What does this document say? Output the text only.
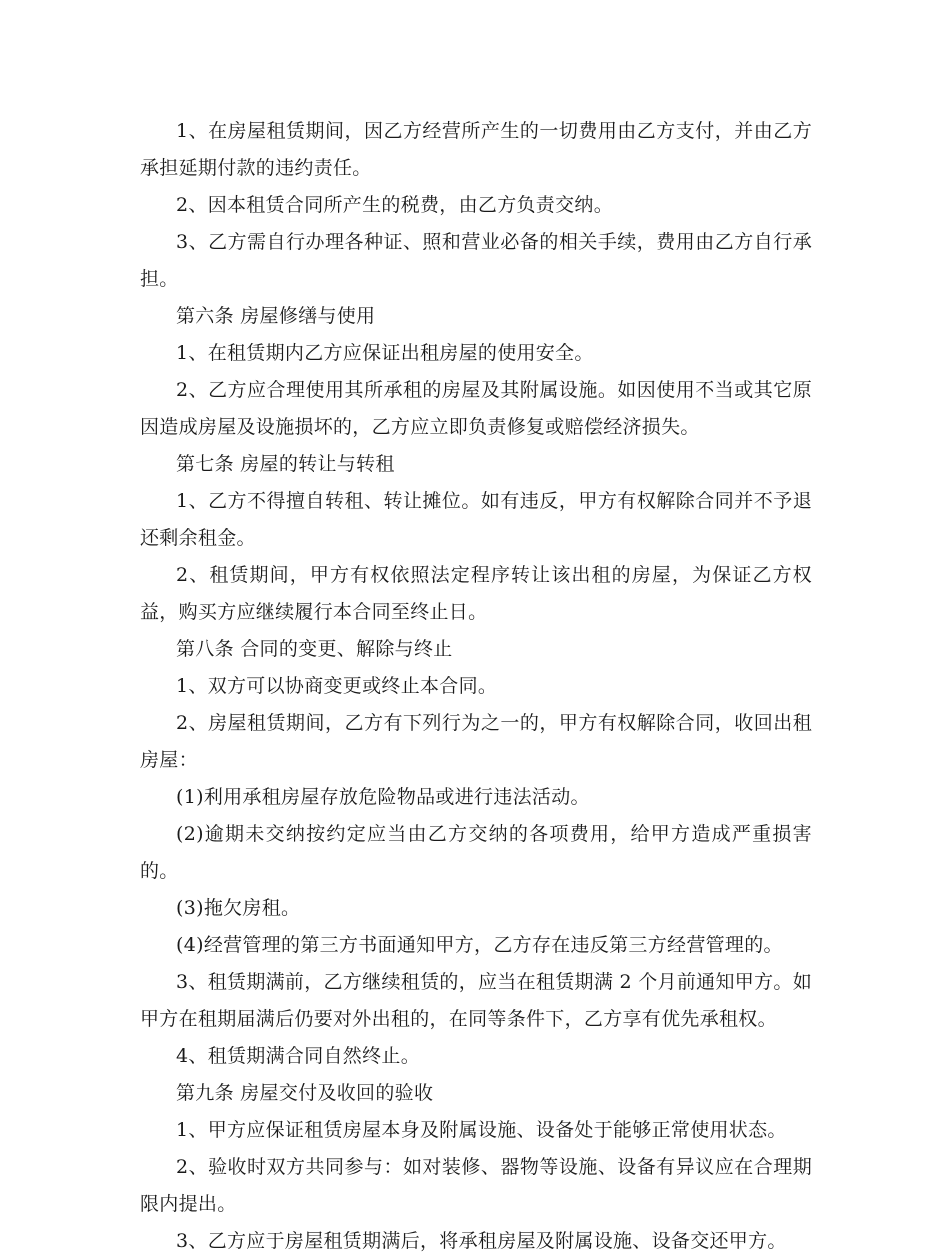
1、在房屋租赁期间，因乙方经营所产生的一切费用由乙方支付，并由乙方承担延期付款的违约责任。

2、因本租赁合同所产生的税费，由乙方负责交纳。

3、乙方需自行办理各种证、照和营业必备的相关手续，费用由乙方自行承担。

第六条 房屋修缮与使用

1、在租赁期内乙方应保证出租房屋的使用安全。

2、乙方应合理使用其所承租的房屋及其附属设施。如因使用不当或其它原因造成房屋及设施损坏的，乙方应立即负责修复或赔偿经济损失。

第七条 房屋的转让与转租

1、乙方不得擅自转租、转让摊位。如有违反，甲方有权解除合同并不予退还剩余租金。

2、租赁期间，甲方有权依照法定程序转让该出租的房屋，为保证乙方权益，购买方应继续履行本合同至终止日。

第八条 合同的变更、解除与终止

1、双方可以协商变更或终止本合同。

2、房屋租赁期间，乙方有下列行为之一的，甲方有权解除合同，收回出租房屋：

(1)利用承租房屋存放危险物品或进行违法活动。

(2)逾期未交纳按约定应当由乙方交纳的各项费用，给甲方造成严重损害的。

(3)拖欠房租。

(4)经营管理的第三方书面通知甲方，乙方存在违反第三方经营管理的。

3、租赁期满前，乙方继续租赁的，应当在租赁期满 2 个月前通知甲方。如甲方在租期届满后仍要对外出租的，在同等条件下，乙方享有优先承租权。

4、租赁期满合同自然终止。

第九条 房屋交付及收回的验收

1、甲方应保证租赁房屋本身及附属设施、设备处于能够正常使用状态。

2、验收时双方共同参与：如对装修、器物等设施、设备有异议应在合理期限内提出。

3、乙方应于房屋租赁期满后，将承租房屋及附属设施、设备交还甲方。
